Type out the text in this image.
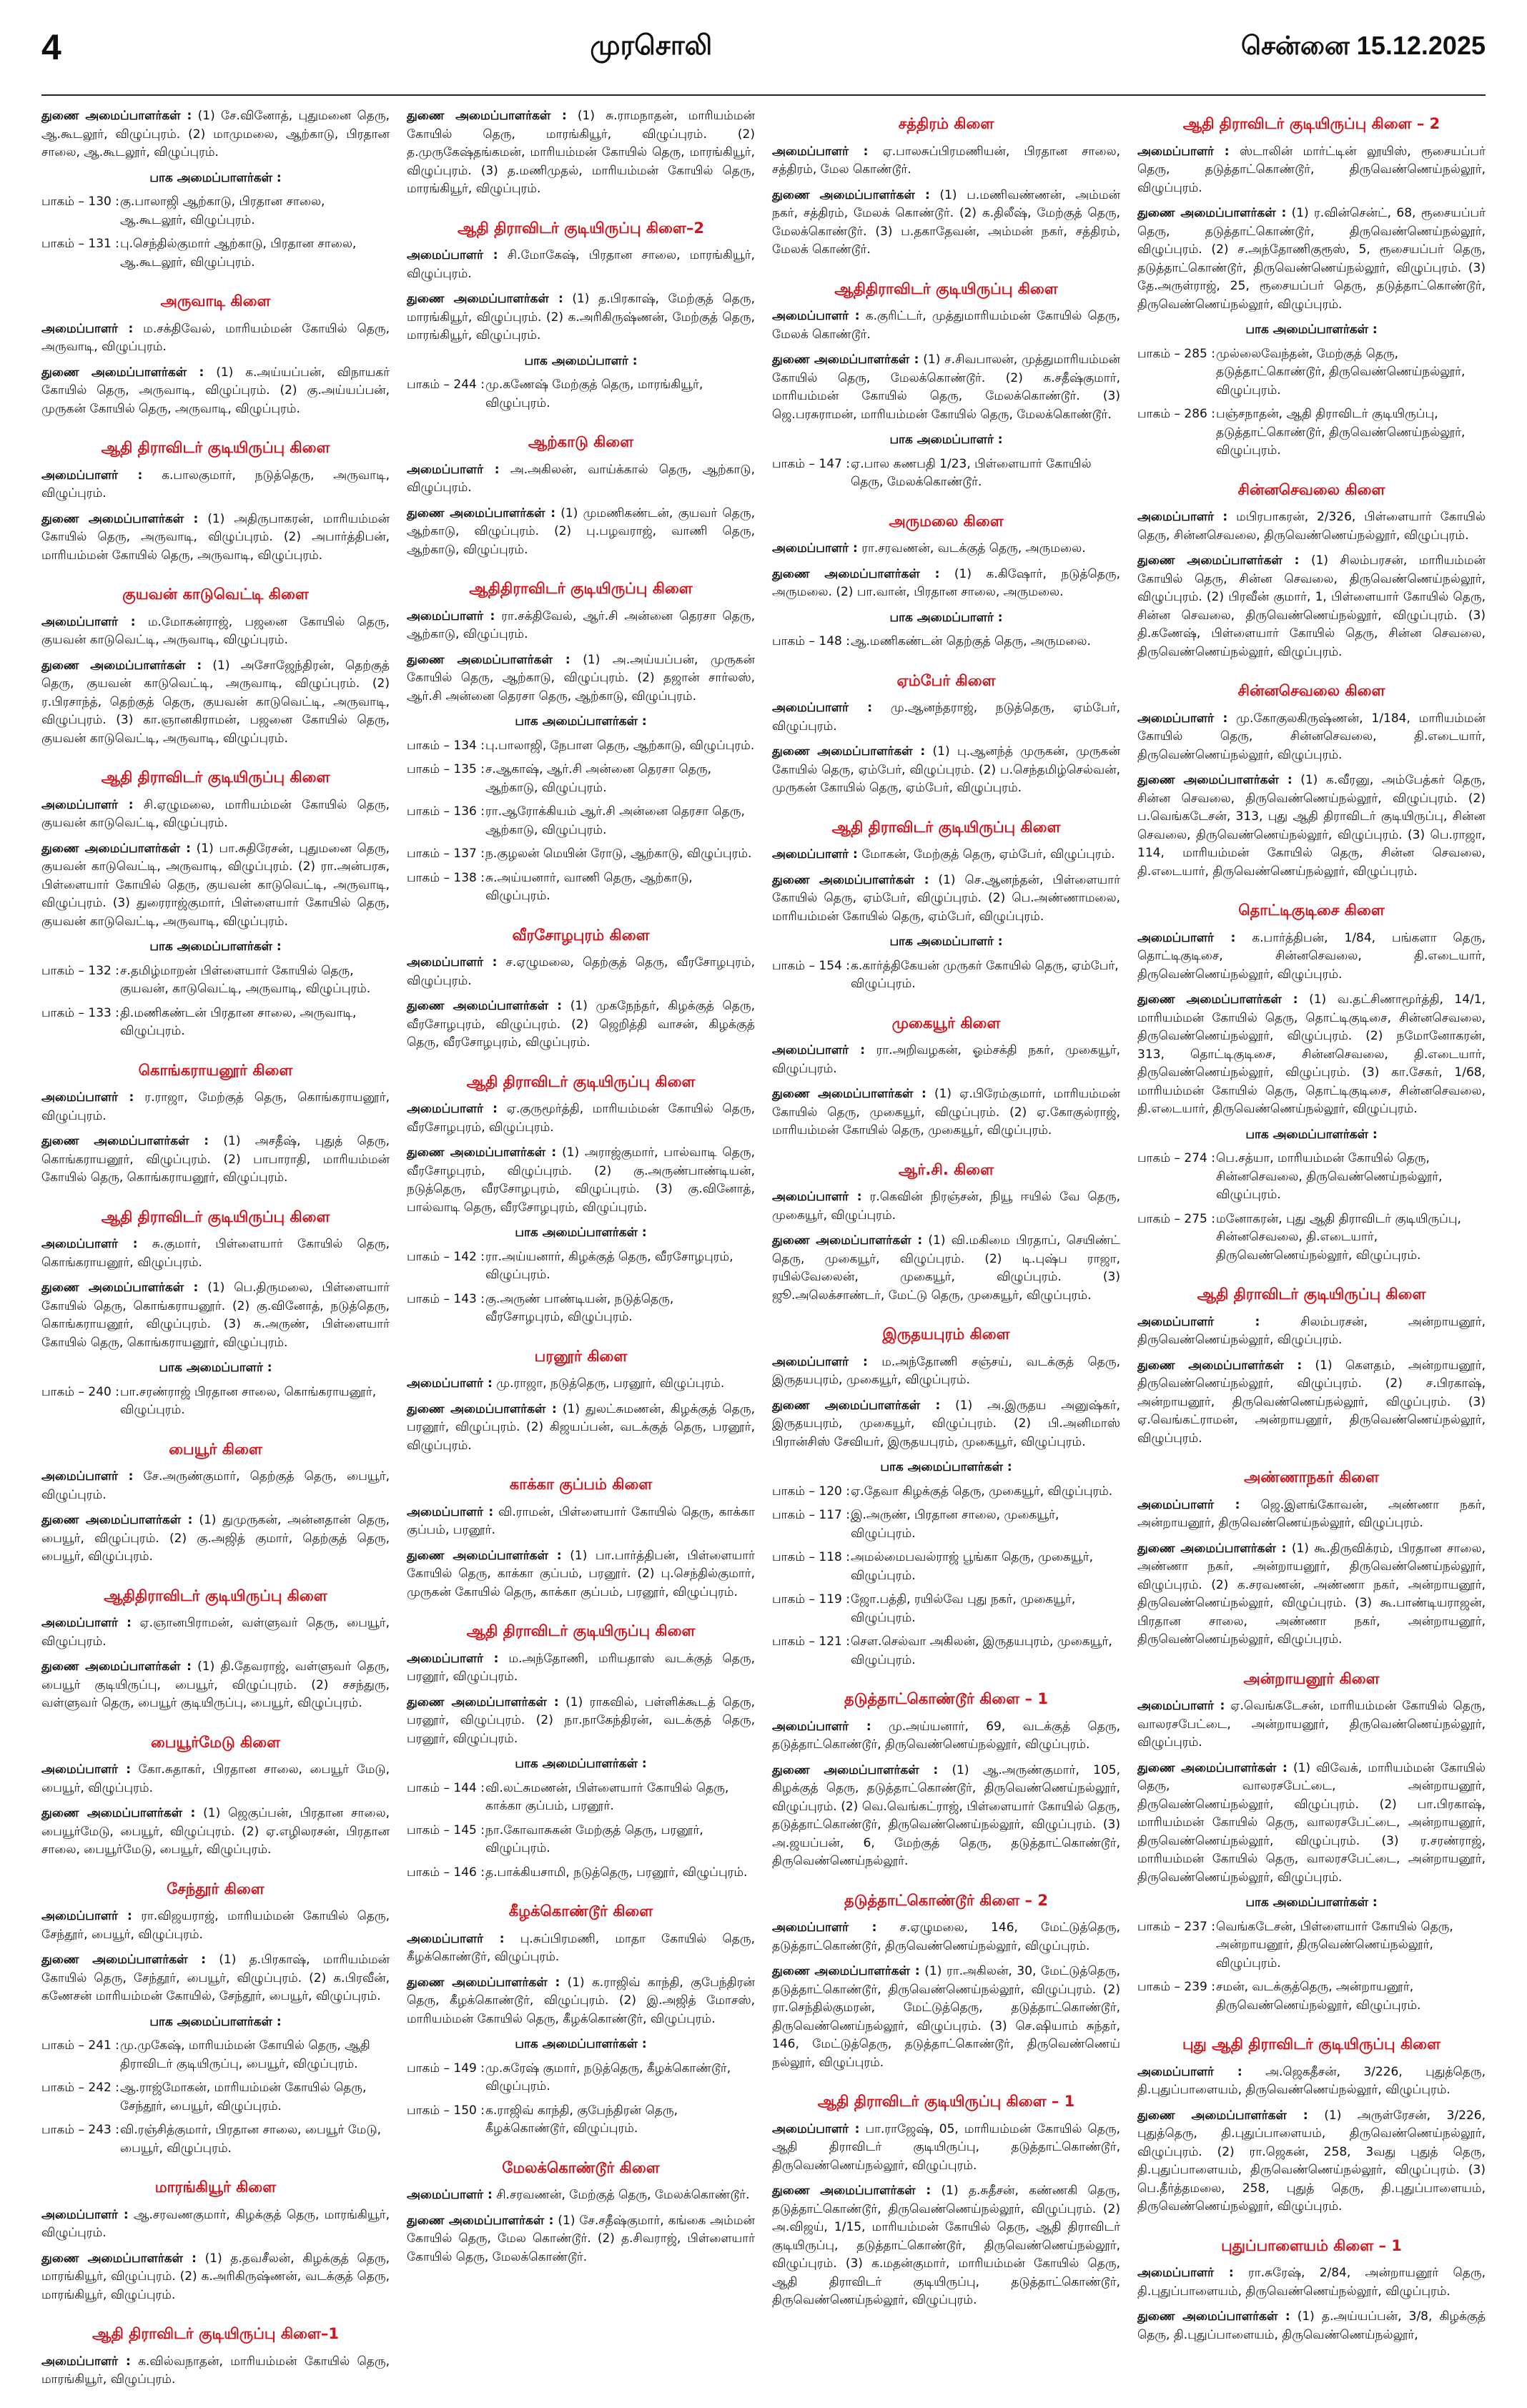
4	முரசொலி	சென்னை 15.12.2025

துணை அமைப்பாளர்கள் : (1) சே.வினோத், புதுமனை தெரு, ஆ.கூடலூர், விழுப்புரம். (2) மாமுமலை, ஆற்காடு, பிரதான சாலை, ஆ.கூடலூர், விழுப்புரம்.

பாக அமைப்பாளர்கள் :
பாகம் – 130 : கு.பாலாஜி ஆற்காடு, பிரதான சாலை, ஆ.கூடலூர், விழுப்புரம்.
பாகம் – 131 : பு.செந்தில்குமார் ஆற்காடு, பிரதான சாலை, ஆ.கூடலூர், விழுப்புரம்.
அருவாடி கிளை

அமைப்பாளர் : ம.சக்திவேல், மாரியம்மன் கோயில் தெரு, அருவாடி, விழுப்புரம்.

துணை அமைப்பாளர்கள் : (1) க.அய்யப்பன், விநாயகர் கோயில் தெரு, அருவாடி, விழுப்புரம். (2) கு.அய்யப்பன், முருகன் கோயில் தெரு, அருவாடி, விழுப்புரம்.

ஆதி திராவிடர் குடியிருப்பு கிளை

அமைப்பாளர் : க.பாலகுமார், நடுத்தெரு, அருவாடி, விழுப்புரம்.

துணை அமைப்பாளர்கள் : (1) அதிருபாகரன், மாரியம்மன் கோயில் தெரு, அருவாடி, விழுப்புரம். (2) அபார்த்திபன், மாரியம்மன் கோயில் தெரு, அருவாடி, விழுப்புரம்.

குயவன் காடுவெட்டி கிளை

அமைப்பாளர் : ம.மோகன்ராஜ், பஜனை கோயில் தெரு, குயவன் காடுவெட்டி, அருவாடி, விழுப்புரம்.

துணை அமைப்பாளர்கள் : (1) அசோஜேந்திரன், தெற்குத் தெரு, குயவன் காடுவெட்டி, அருவாடி, விழுப்புரம். (2) ர.பிரசாந்த், தெற்குத் தெரு, குயவன் காடுவெட்டி, அருவாடி, விழுப்புரம். (3) கா.ஞானகிராமன், பஜனை கோயில் தெரு, குயவன் காடுவெட்டி, அருவாடி, விழுப்புரம்.

ஆதி திராவிடர் குடியிருப்பு கிளை

அமைப்பாளர் : சி.ஏழுமலை, மாரியம்மன் கோயில் தெரு, குயவன் காடுவெட்டி, விழுப்புரம்.

துணை அமைப்பாளர்கள் : (1) பா.சுதிரேசன், புதுமனை தெரு, குயவன் காடுவெட்டி, அருவாடி, விழுப்புரம். (2) ரா.அன்பரசு, பிள்ளையார் கோயில் தெரு, குயவன் காடுவெட்டி, அருவாடி, விழுப்புரம். (3) துரைராஜ்குமார், பிள்ளையார் கோயில் தெரு, குயவன் காடுவெட்டி, அருவாடி, விழுப்புரம்.

பாக அமைப்பாளர்கள் :
பாகம் – 132 : ச.தமிழ்மாறன் பிள்ளையார் கோயில் தெரு, குயவன், காடுவெட்டி, அருவாடி, விழுப்புரம்.
பாகம் – 133 : தி.மணிகண்டன் பிரதான சாலை, அருவாடி, விழுப்புரம்.
கொங்கராயனூர் கிளை

அமைப்பாளர் : ர.ராஜா, மேற்குத் தெரு, கொங்கராயனூர், விழுப்புரம்.

துணை அமைப்பாளர்கள் : (1) அசதீஷ், புதுத் தெரு, கொங்கராயனூர், விழுப்புரம். (2) பாபாராதி, மாரியம்மன் கோயில் தெரு, கொங்கராயனூர், விழுப்புரம்.

ஆதி திராவிடர் குடியிருப்பு கிளை

அமைப்பாளர் : சு.குமார், பிள்ளையார் கோயில் தெரு, கொங்கராயனூர், விழுப்புரம்.

துணை அமைப்பாளர்கள் : (1) பெ.திருமலை, பிள்ளையார் கோயில் தெரு, கொங்கராயனூர். (2) கு.வினோத், நடுத்தெரு, கொங்கராயனூர், விழுப்புரம். (3) சு.அருண், பிள்ளையார் கோயில் தெரு, கொங்கராயனூர், விழுப்புரம்.

பாக அமைப்பாளர் :
பாகம் – 240 : பா.சரண்ராஜ் பிரதான சாலை, கொங்கராயனூர், விழுப்புரம்.
பையூர் கிளை

அமைப்பாளர் : சே.அருண்குமார், தெற்குத் தெரு, பையூர், விழுப்புரம்.

துணை அமைப்பாளர்கள் : (1) துமுருகன், அன்னதான் தெரு, பையூர், விழுப்புரம். (2) கு.அஜித் குமார், தெற்குத் தெரு, பையூர், விழுப்புரம்.

ஆதிதிராவிடர் குடியிருப்பு கிளை

அமைப்பாளர் : ஏ.ஞானபிராமன், வள்ளுவர் தெரு, பையூர், விழுப்புரம்.

துணை அமைப்பாளர்கள் : (1) தி.தேவராஜ், வள்ளுவர் தெரு, பையூர் குடியிருப்பு, பையூர், விழுப்புரம். (2) சசந்துரு, வள்ளுவர் தெரு, பையூர் குடியிருப்பு, பையூர், விழுப்புரம்.

பையூர்மேடு கிளை

அமைப்பாளர் : கோ.சுதாகர், பிரதான சாலை, பையூர் மேடு, பையூர், விழுப்புரம்.

துணை அமைப்பாளர்கள் : (1) ஜெகுப்பன், பிரதான சாலை, பையூர்மேடு, பையூர், விழுப்புரம். (2) ஏ.எழிலரசன், பிரதான சாலை, பையூர்மேடு, பையூர், விழுப்புரம்.

சேந்தூர் கிளை

அமைப்பாளர் : ரா.விஜயராஜ், மாரியம்மன் கோயில் தெரு, சேந்தூர், பையூர், விழுப்புரம்.

துணை அமைப்பாளர்கள் : (1) த.பிரகாஷ், மாரியம்மன் கோயில் தெரு, சேந்தூர், பையூர், விழுப்புரம். (2) க.பிரவீன், கணேசன் மாரியம்மன் கோயில், சேந்தூர், பையூர், விழுப்புரம்.

பாக அமைப்பாளர்கள் :
பாகம் – 241 : மு.முகேஷ், மாரியம்மன் கோயில் தெரு, ஆதி திராவிடர் குடியிருப்பு, பையூர், விழுப்புரம்.
பாகம் – 242 : ஆ.ராஜ்மோகன், மாரியம்மன் கோயில் தெரு, சேந்தூர், பையூர், விழுப்புரம்.
பாகம் – 243 : வி.ரஞ்சித்குமார், பிரதான சாலை, பையூர் மேடு, பையூர், விழுப்புரம்.
மாரங்கியூர் கிளை

அமைப்பாளர் : ஆ.சரவணகுமார், கிழக்குத் தெரு, மாரங்கியூர், விழுப்புரம்.

துணை அமைப்பாளர்கள் : (1) த.தவசீலன், கிழக்குத் தெரு, மாரங்கியூர், விழுப்புரம். (2) க.அரிகிருஷ்ணன், வடக்குத் தெரு, மாரங்கியூர், விழுப்புரம்.

ஆதி திராவிடர் குடியிருப்பு கிளை–1

அமைப்பாளர் : க.வில்வநாதன், மாரியம்மன் கோயில் தெரு, மாரங்கியூர், விழுப்புரம்.

துணை அமைப்பாளர்கள் : (1) சு.ராமநாதன், மாரியம்மன் கோயில் தெரு, மாரங்கியூர், விழுப்புரம். (2) த.முருகேஷ்தங்கமன், மாரியம்மன் கோயில் தெரு, மாரங்கியூர், விழுப்புரம். (3) த.மணிமுதல், மாரியம்மன் கோயில் தெரு, மாரங்கியூர், விழுப்புரம்.

ஆதி திராவிடர் குடியிருப்பு கிளை–2

அமைப்பாளர் : சி.மோகேஷ், பிரதான சாலை, மாரங்கியூர், விழுப்புரம்.

துணை அமைப்பாளர்கள் : (1) த.பிரகாஷ், மேற்குத் தெரு, மாரங்கியூர், விழுப்புரம். (2) க.அரிகிருஷ்ணன், மேற்குத் தெரு, மாரங்கியூர், விழுப்புரம்.

பாக அமைப்பாளர் :
பாகம் – 244 : மு.கணேஷ் மேற்குத் தெரு, மாரங்கியூர், விழுப்புரம்.
ஆற்காடு கிளை

அமைப்பாளர் : அ.அகிலன், வாய்க்கால் தெரு, ஆற்காடு, விழுப்புரம்.

துணை அமைப்பாளர்கள் : (1) முமணிகண்டன், குயவர் தெரு, ஆற்காடு, விழுப்புரம். (2) பு.பழவராஜ், வாணி தெரு, ஆற்காடு, விழுப்புரம்.

ஆதிதிராவிடர் குடியிருப்பு கிளை

அமைப்பாளர் : ரா.சக்திவேல், ஆர்.சி அன்னை தெரசா தெரு, ஆற்காடு, விழுப்புரம்.

துணை அமைப்பாளர்கள் : (1) அ.அய்யப்பன், முருகன் கோயில் தெரு, ஆற்காடு, விழுப்புரம். (2) தஜான் சார்லஸ், ஆர்.சி அன்னை தெரசா தெரு, ஆற்காடு, விழுப்புரம்.

பாக அமைப்பாளர்கள் :
பாகம் – 134 : பு.பாலாஜி, நேபாள தெரு, ஆற்காடு, விழுப்புரம்.
பாகம் – 135 : ச.ஆகாஷ், ஆர்.சி அன்னை தெரசா தெரு, ஆற்காடு, விழுப்புரம்.
பாகம் – 136 : ரா.ஆரோக்கியம் ஆர்.சி அன்னை தெரசா தெரு, ஆற்காடு, விழுப்புரம்.
பாகம் – 137 : ந.குழலன் மெயின் ரோடு, ஆற்காடு, விழுப்புரம்.
பாகம் – 138 : சு.அய்யனார், வாணி தெரு, ஆற்காடு, விழுப்புரம்.
வீரசோழபுரம் கிளை

அமைப்பாளர் : ச.ஏழுமலை, தெற்குத் தெரு, வீரசோழபுரம், விழுப்புரம்.

துணை அமைப்பாளர்கள் : (1) முகநேந்தர், கிழக்குத் தெரு, வீரசோழபுரம், விழுப்புரம். (2) ஜெறித்தி வாசன், கிழக்குத் தெரு, வீரசோழபுரம், விழுப்புரம்.

ஆதி திராவிடர் குடியிருப்பு கிளை

அமைப்பாளர் : ஏ.குருமூர்த்தி, மாரியம்மன் கோயில் தெரு, வீரசோழபுரம், விழுப்புரம்.

துணை அமைப்பாளர்கள் : (1) அராஜ்குமார், பால்வாடி தெரு, வீரசோழபுரம், விழுப்புரம். (2) கு.அருண்பாண்டியன், நடுத்தெரு, வீரசோழபுரம், விழுப்புரம். (3) கு.வினோத், பால்வாடி தெரு, வீரசோழபுரம், விழுப்புரம்.

பாக அமைப்பாளர்கள் :
பாகம் – 142 : ரா.அய்யனார், கிழக்குத் தெரு, வீரசோழபுரம், விழுப்புரம்.
பாகம் – 143 : கு.அருண் பாண்டியன், நடுத்தெரு, வீரசோழபுரம், விழுப்புரம்.
பரனூர் கிளை

அமைப்பாளர் : மு.ராஜா, நடுத்தெரு, பரனூர், விழுப்புரம்.

துணை அமைப்பாளர்கள் : (1) துலட்சுமணன், கிழக்குத் தெரு, பரனூர், விழுப்புரம். (2) கிஜயப்பன், வடக்குத் தெரு, பரனூர், விழுப்புரம்.

காக்கா குப்பம் கிளை

அமைப்பாளர் : வி.ராமன், பிள்ளையார் கோயில் தெரு, காக்கா குப்பம், பரனூர்.

துணை அமைப்பாளர்கள் : (1) பா.பார்த்திபன், பிள்ளையார் கோயில் தெரு, காக்கா குப்பம், பரனூர். (2) பு.செந்தில்குமார், முருகன் கோயில் தெரு, காக்கா குப்பம், பரனூர், விழுப்புரம்.

ஆதி திராவிடர் குடியிருப்பு கிளை

அமைப்பாளர் : ம.அந்தோணி, மரியதாஸ் வடக்குத் தெரு, பரனூர், விழுப்புரம்.

துணை அமைப்பாளர்கள் : (1) ராகவில், பள்ளிக்கூடத் தெரு, பரனூர், விழுப்புரம். (2) நா.நாகேந்திரன், வடக்குத் தெரு, பரனூர், விழுப்புரம்.

பாக அமைப்பாளர்கள் :
பாகம் – 144 : வி.லட்சுமணன், பிள்ளையார் கோயில் தெரு, காக்கா குப்பம், பரனூர்.
பாகம் – 145 : நா.கோவாசுகன் மேற்குத் தெரு, பரனூர், விழுப்புரம்.
பாகம் – 146 : த.பாக்கியசாமி, நடுத்தெரு, பரனூர், விழுப்புரம்.
கீழக்கொண்டூர் கிளை

அமைப்பாளர் : பு.சுப்பிரமணி, மாதா கோயில் தெரு, கீழக்கொண்டூர், விழுப்புரம்.

துணை அமைப்பாளர்கள் : (1) க.ராஜிவ் காந்தி, குபேந்திரன் தெரு, கீழக்கொண்டூர், விழுப்புரம். (2) இ.அஜித் மோசஸ், மாரியம்மன் கோயில் தெரு, கீழக்கொண்டூர், விழுப்புரம்.

பாக அமைப்பாளர்கள் :
பாகம் – 149 : மு.சுரேஷ் குமார், நடுத்தெரு, கீழக்கொண்டூர், விழுப்புரம்.
பாகம் – 150 : க.ராஜிவ் காந்தி, குபேந்திரன் தெரு, கீழக்கொண்டூர், விழுப்புரம்.
மேலக்கொண்டூர் கிளை

அமைப்பாளர் : சி.சரவணன், மேற்குத் தெரு, மேலக்கொண்டூர்.

துணை அமைப்பாளர்கள் : (1) சே.சதீஷ்குமார், கங்கை அம்மன் கோயில் தெரு, மேல கொண்டூர். (2) த.சிவராஜ், பிள்ளையார் கோயில் தெரு, மேலக்கொண்டூர்.

சத்திரம் கிளை

அமைப்பாளர் : ஏ.பாலசுப்பிரமணியன், பிரதான சாலை, சத்திரம், மேல கொண்டூர்.

துணை அமைப்பாளர்கள் : (1) ப.மணிவண்ணன், அம்மன் நகர், சத்திரம், மேலக் கொண்டூர். (2) க.திலீஷ், மேற்குத் தெரு, மேலக்கொண்டூர். (3) ப.தகாதேவன், அம்மன் நகர், சத்திரம், மேலக் கொண்டூர்.

ஆதிதிராவிடர் குடியிருப்பு கிளை

அமைப்பாளர் : க.குரிட்டர், முத்துமாரியம்மன் கோயில் தெரு, மேலக் கொண்டூர்.

துணை அமைப்பாளர்கள் : (1) ச.சிவபாலன், முத்துமாரியம்மன் கோயில் தெரு, மேலக்கொண்டூர். (2) க.சதீஷ்குமார், மாரியம்மன் கோயில் தெரு, மேலக்கொண்டூர். (3) ஜெ.பரசுராமன், மாரியம்மன் கோயில் தெரு, மேலக்கொண்டூர்.

பாக அமைப்பாளர் :
பாகம் – 147 : ஏ.பால கணபதி 1/23, பிள்ளையார் கோயில் தெரு, மேலக்கொண்டூர்.
அருமலை கிளை

அமைப்பாளர் : ரா.சரவணன், வடக்குத் தெரு, அருமலை.

துணை அமைப்பாளர்கள் : (1) க.கிஷோர், நடுத்தெரு, அருமலை. (2) பா.வான், பிரதான சாலை, அருமலை.

பாக அமைப்பாளர் :
பாகம் – 148 : ஆ.மணிகண்டன் தெற்குத் தெரு, அருமலை.
ஏம்பேர் கிளை

அமைப்பாளர் : மு.ஆனந்தராஜ், நடுத்தெரு, ஏம்பேர், விழுப்புரம்.

துணை அமைப்பாளர்கள் : (1) பு.ஆனந்த் முருகன், முருகன் கோயில் தெரு, ஏம்பேர், விழுப்புரம். (2) ப.செந்தமிழ்செல்வன், முருகன் கோயில் தெரு, ஏம்பேர், விழுப்புரம்.

ஆதி திராவிடர் குடியிருப்பு கிளை

அமைப்பாளர் : மோகன், மேற்குத் தெரு, ஏம்பேர், விழுப்புரம்.

துணை அமைப்பாளர்கள் : (1) செ.ஆனந்தன், பிள்ளையார் கோயில் தெரு, ஏம்பேர், விழுப்புரம். (2) பெ.அண்ணாமலை, மாரியம்மன் கோயில் தெரு, ஏம்பேர், விழுப்புரம்.

பாக அமைப்பாளர் :
பாகம் – 154 : க.கார்த்திகேயன் முருகர் கோயில் தெரு, ஏம்பேர், விழுப்புரம்.
முகையூர் கிளை

அமைப்பாளர் : ரா.அறிவழகன், ஓம்சக்தி நகர், முகையூர், விழுப்புரம்.

துணை அமைப்பாளர்கள் : (1) ஏ.பிரேம்குமார், மாரியம்மன் கோயில் தெரு, முகையூர், விழுப்புரம். (2) ஏ.கோகுல்ராஜ், மாரியம்மன் கோயில் தெரு, முகையூர், விழுப்புரம்.

ஆர்.சி. கிளை

அமைப்பாளர் : ர.கெவின் நிரஞ்சன், நியூ ஈயில் வே தெரு, முகையூர், விழுப்புரம்.

துணை அமைப்பாளர்கள் : (1) வி.மகிமை பிரதாப், செயிண்ட் தெரு, முகையூர், விழுப்புரம். (2) டி.புஷ்ப ராஜா, ரயில்வேலைன், முகையூர், விழுப்புரம். (3) ஜூ.அலெக்சாண்டர், மேட்டு தெரு, முகையூர், விழுப்புரம்.

இருதயபுரம் கிளை

அமைப்பாளர் : ம.அந்தோணி சஞ்சய், வடக்குத் தெரு, இருதயபுரம், முகையூர், விழுப்புரம்.

துணை அமைப்பாளர்கள் : (1) அ.இருதய அனுஷ்கர், இருதயபுரம், முகையூர், விழுப்புரம். (2) பி.அனிமாஸ் பிரான்சிஸ் சேவியர், இருதயபுரம், முகையூர், விழுப்புரம்.

பாக அமைப்பாளர்கள் :
பாகம் – 120 : ஏ.தேவா கிழக்குத் தெரு, முகையூர், விழுப்புரம்.
பாகம் – 117 : இ.அருண், பிரதான சாலை, முகையூர், விழுப்புரம்.
பாகம் – 118 : அமல்மைபவல்ராஜ் பூங்கா தெரு, முகையூர், விழுப்புரம்.
பாகம் – 119 : ஜோ.பத்தி, ரயில்வே புது நகர், முகையூர், விழுப்புரம்.
பாகம் – 121 : சௌ.செல்வா அகிலன், இருதயபுரம், முகையூர், விழுப்புரம்.
தடுத்தாட்கொண்டூர் கிளை – 1

அமைப்பாளர் : மு.அய்யனார், 69, வடக்குத் தெரு, தடுத்தாட்கொண்டூர், திருவெண்ணெய்நல்லூர், விழுப்புரம்.

துணை அமைப்பாளர்கள் : (1) ஆ.அருண்குமார், 105, கிழக்குத் தெரு, தடுத்தாட்கொண்டூர், திருவெண்ணெய்நல்லூர், விழுப்புரம். (2) வெ.வெங்கட்ராஜ், பிள்ளையார் கோயில் தெரு, தடுத்தாட்கொண்டூர், திருவெண்ணெய்நல்லூர், விழுப்புரம். (3) அ.ஜயப்பன், 6, மேற்குத் தெரு, தடுத்தாட்கொண்டூர், திருவெண்ணெய்நல்லூர்.

தடுத்தாட்கொண்டூர் கிளை – 2

அமைப்பாளர் : ச.ஏழுமலை, 146, மேட்டுத்தெரு, தடுத்தாட்கொண்டூர், திருவெண்ணெய்நல்லூர், விழுப்புரம்.

துணை அமைப்பாளர்கள் : (1) ரா.அகிலன், 30, மேட்டுத்தெரு, தடுத்தாட்கொண்டூர், திருவெண்ணெய்நல்லூர், விழுப்புரம். (2) ரா.செந்தில்குமரன், மேட்டுத்தெரு, தடுத்தாட்கொண்டூர், திருவெண்ணெய்நல்லூர், விழுப்புரம். (3) செ.ஷியாம் சுந்தர், 146, மேட்டுத்தெரு, தடுத்தாட்கொண்டூர், திருவெண்ணெய் நல்லூர், விழுப்புரம்.

ஆதி திராவிடர் குடியிருப்பு கிளை – 1

அமைப்பாளர் : பா.ராஜேஷ், 05, மாரியம்மன் கோயில் தெரு, ஆதி திராவிடர் குடியிருப்பு, தடுத்தாட்கொண்டூர், திருவெண்ணெய்நல்லூர், விழுப்புரம்.

துணை அமைப்பாளர்கள் : (1) த.சுதீசன், கண்ணகி தெரு, தடுத்தாட்கொண்டூர், திருவெண்ணெய்நல்லூர், விழுப்புரம். (2) அ.விஜய், 1/15, மாரியம்மன் கோயில் தெரு, ஆதி திராவிடர் குடியிருப்பு, தடுத்தாட்கொண்டூர், திருவெண்ணெய்நல்லூர், விழுப்புரம். (3) க.மதன்குமார், மாரியம்மன் கோயில் தெரு, ஆதி திராவிடர் குடியிருப்பு, தடுத்தாட்கொண்டூர், திருவெண்ணெய்நல்லூர், விழுப்புரம்.

ஆதி திராவிடர் குடியிருப்பு கிளை – 2

அமைப்பாளர் : ஸ்டாலின் மார்ட்டின் லூயிஸ், ரூசையப்பர் தெரு, தடுத்தாட்கொண்டூர், திருவெண்ணெய்நல்லூர், விழுப்புரம்.

துணை அமைப்பாளர்கள் : (1) ர.வின்சென்ட், 68, ரூசையப்பர் தெரு, தடுத்தாட்கொண்டூர், திருவெண்ணெய்நல்லூர், விழுப்புரம். (2) ச.அந்தோணிகுரூஸ், 5, ரூசையப்பர் தெரு, தடுத்தாட்கொண்டூர், திருவெண்ணெய்நல்லூர், விழுப்புரம். (3) தே.அருள்ராஜ், 25, ரூசையப்பர் தெரு, தடுத்தாட்கொண்டூர், திருவெண்ணெய்நல்லூர், விழுப்புரம்.

பாக அமைப்பாளர்கள் :
பாகம் – 285 : முல்லைவேந்தன், மேற்குத் தெரு, தடுத்தாட்கொண்டூர், திருவெண்ணெய்நல்லூர், விழுப்புரம்.
பாகம் – 286 : பஞ்சநாதன், ஆதி திராவிடர் குடியிருப்பு, தடுத்தாட்கொண்டூர், திருவெண்ணெய்நல்லூர், விழுப்புரம்.
சின்னசெவலை கிளை

அமைப்பாளர் : மபிரபாகரன், 2/326, பிள்ளையார் கோயில் தெரு, சின்னசெவலை, திருவெண்ணெய்நல்லூர், விழுப்புரம்.

துணை அமைப்பாளர்கள் : (1) சிலம்பரசன், மாரியம்மன் கோயில் தெரு, சின்ன செவலை, திருவெண்ணெய்நல்லூர், விழுப்புரம். (2) பிரவீன் குமார், 1, பிள்ளையார் கோயில் தெரு, சின்ன செவலை, திருவெண்ணெய்நல்லூர், விழுப்புரம். (3) தி.கணேஷ், பிள்ளையார் கோயில் தெரு, சின்ன செவலை, திருவெண்ணெய்நல்லூர், விழுப்புரம்.

சின்னசெவலை கிளை

அமைப்பாளர் : மு.கோகுலகிருஷ்ணன், 1/184, மாரியம்மன் கோயில் தெரு, சின்னசெவலை, தி.எடையார், திருவெண்ணெய்நல்லூர், விழுப்புரம்.

துணை அமைப்பாளர்கள் : (1) க.வீரனு, அம்பேத்கர் தெரு, சின்ன செவலை, திருவெண்ணெய்நல்லூர், விழுப்புரம். (2) ப.வெங்கடேசன், 313, புது ஆதி திராவிடர் குடியிருப்பு, சின்ன செவலை, திருவெண்ணெய்நல்லூர், விழுப்புரம். (3) பெ.ராஜா, 114, மாரியம்மன் கோயில் தெரு, சின்ன செவலை, தி.எடையார், திருவெண்ணெய்நல்லூர், விழுப்புரம்.

தொட்டிகுடிசை கிளை

அமைப்பாளர் : க.பார்த்திபன், 1/84, பங்களா தெரு, தொட்டிகுடிசை, சின்னசெவலை, தி.எடையார், திருவெண்ணெய்நல்லூர், விழுப்புரம்.

துணை அமைப்பாளர்கள் : (1) வ.தட்சிணாமூர்த்தி, 14/1, மாரியம்மன் கோயில் தெரு, தொட்டிகுடிசை, சின்னசெவலை, திருவெண்ணெய்நல்லூர், விழுப்புரம். (2) நமோனோகரன், 313, தொட்டிகுடிசை, சின்னசெவலை, தி.எடையார், திருவெண்ணெய்நல்லூர், விழுப்புரம். (3) கா.சேகர், 1/68, மாரியம்மன் கோயில் தெரு, தொட்டிகுடிசை, சின்னசெவலை, தி.எடையார், திருவெண்ணெய்நல்லூர், விழுப்புரம்.

பாக அமைப்பாளர்கள் :
பாகம் – 274 : பெ.சத்யா, மாரியம்மன் கோயில் தெரு, சின்னசெவலை, திருவெண்ணெய்நல்லூர், விழுப்புரம்.
பாகம் – 275 : மனோகரன், புது ஆதி திராவிடர் குடியிருப்பு, சின்னசெவலை, தி.எடையார், திருவெண்ணெய்நல்லூர், விழுப்புரம்.
ஆதி திராவிடர் குடியிருப்பு கிளை

அமைப்பாளர் :	சிலம்பரசன், அன்றாயனூர், திருவெண்ணெய்நல்லூர், விழுப்புரம்.

துணை அமைப்பாளர்கள் : (1) கெளதம், அன்றாயனூர், திருவெண்ணெய்நல்லூர், விழுப்புரம். (2) ச.பிரகாஷ், அன்றாயனூர், திருவெண்ணெய்நல்லூர், விழுப்புரம். (3) ஏ.வெங்கட்ராமன், அன்றாயனூர், திருவெண்ணெய்நல்லூர், விழுப்புரம்.

அண்ணாநகர் கிளை

அமைப்பாளர் : ஜெ.இளங்கோவன், அண்ணா நகர், அன்றாயனூர், திருவெண்ணெய்நல்லூர், விழுப்புரம்.

துணை அமைப்பாளர்கள் : (1) கூ.திருவிக்ரம், பிரதான சாலை, அண்ணா நகர், அன்றாயனூர், திருவெண்ணெய்நல்லூர், விழுப்புரம். (2) க.சரவணன், அண்ணா நகர், அன்றாயனூர், திருவெண்ணெய்நல்லூர், விழுப்புரம். (3) கூ.பாண்டியராஜன், பிரதான சாலை, அண்ணா நகர், அன்றாயனூர், திருவெண்ணெய்நல்லூர், விழுப்புரம்.

அன்றாயனூர் கிளை

அமைப்பாளர் : ஏ.வெங்கடேசன், மாரியம்மன் கோயில் தெரு, வாலரசபேட்டை, அன்றாயனூர், திருவெண்ணெய்நல்லூர், விழுப்புரம்.

துணை அமைப்பாளர்கள் : (1) விவேக், மாரியம்மன் கோயில் தெரு, வாலரசபேட்டை, அன்றாயனூர், திருவெண்ணெய்நல்லூர், விழுப்புரம். (2) பா.பிரகாஷ், மாரியம்மன் கோயில் தெரு, வாலரசபேட்டை, அன்றாயனூர், திருவெண்ணெய்நல்லூர், விழுப்புரம். (3) ர.சரண்ராஜ், மாரியம்மன் கோயில் தெரு, வாலரசபேட்டை, அன்றாயனூர், திருவெண்ணெய்நல்லூர், விழுப்புரம்.

பாக அமைப்பாளர்கள் :
பாகம் – 237 : வெங்கடேசன், பிள்ளையார் கோயில் தெரு, அன்றாயனூர், திருவெண்ணெய்நல்லூர், விழுப்புரம்.
பாகம் – 239 : சமன், வடக்குத்தெரு, அன்றாயனூர், திருவெண்ணெய்நல்லூர், விழுப்புரம்.
புது ஆதி திராவிடர் குடியிருப்பு கிளை

அமைப்பாளர் : அ.ஜெகதீசன், 3/226, புதுத்தெரு, தி.புதுப்பாளையம், திருவெண்ணெய்நல்லூர், விழுப்புரம்.

துணை அமைப்பாளர்கள் : (1) அருள்ரேசன், 3/226, புதுத்தெரு, தி.புதுப்பாளையம், திருவெண்ணெய்நல்லூர், விழுப்புரம். (2) ரா.ஜெகன், 258, 3வது புதுத் தெரு, தி.புதுப்பாளையம், திருவெண்ணெய்நல்லூர், விழுப்புரம். (3) பெ.தீர்த்தமலை, 258, புதுத் தெரு, தி.புதுப்பாளையம், திருவெண்ணெய்நல்லூர், விழுப்புரம்.

புதுப்பாளையம் கிளை – 1

அமைப்பாளர் : ரா.சுரேஷ், 2/84, அன்றாயனூர் தெரு, தி.புதுப்பாளையம், திருவெண்ணெய்நல்லூர், விழுப்புரம்.

துணை அமைப்பாளர்கள் : (1) த.அய்யப்பன், 3/8, கிழக்குத் தெரு, தி.புதுப்பாளையம், திருவெண்ணெய்நல்லூர்,
